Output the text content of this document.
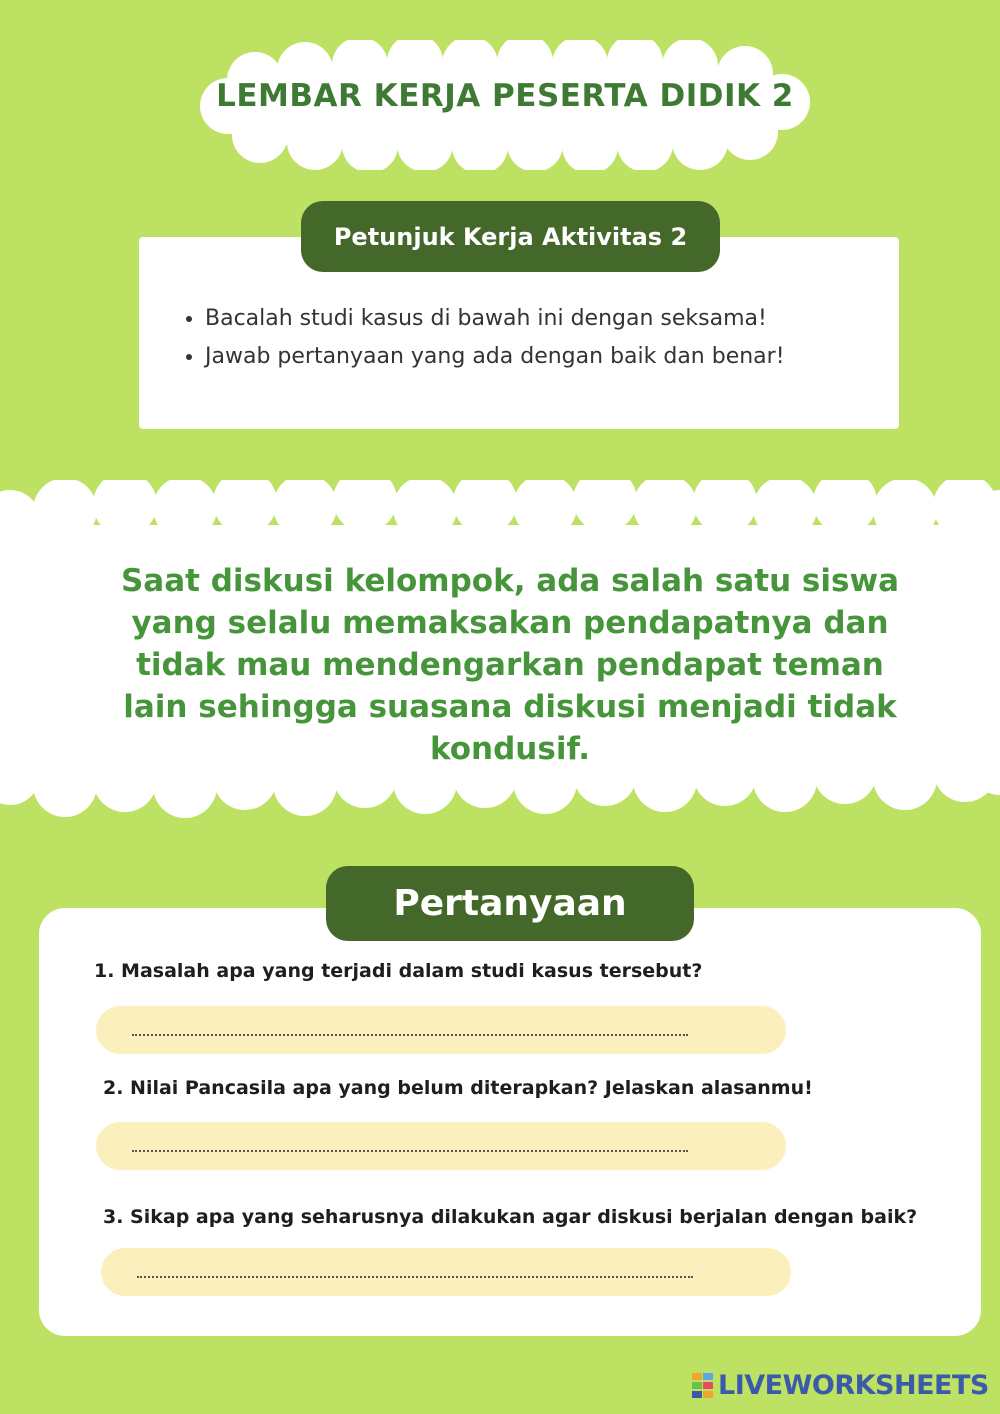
LEMBAR KERJA PESERTA DIDIK 2
Petunjuk Kerja Aktivitas 2
• Bacalah studi kasus di bawah ini dengan seksama!
• Jawab pertanyaan yang ada dengan baik dan benar!
Saat diskusi kelompok, ada salah satu siswa yang selalu memaksakan pendapatnya dan tidak mau mendengarkan pendapat teman lain sehingga suasana diskusi menjadi tidak kondusif.
Pertanyaan
1. Masalah apa yang terjadi dalam studi kasus tersebut?
2. Nilai Pancasila apa yang belum diterapkan? Jelaskan alasanmu!
3. Sikap apa yang seharusnya dilakukan agar diskusi berjalan dengan baik?
LIVEWORKSHEETS
